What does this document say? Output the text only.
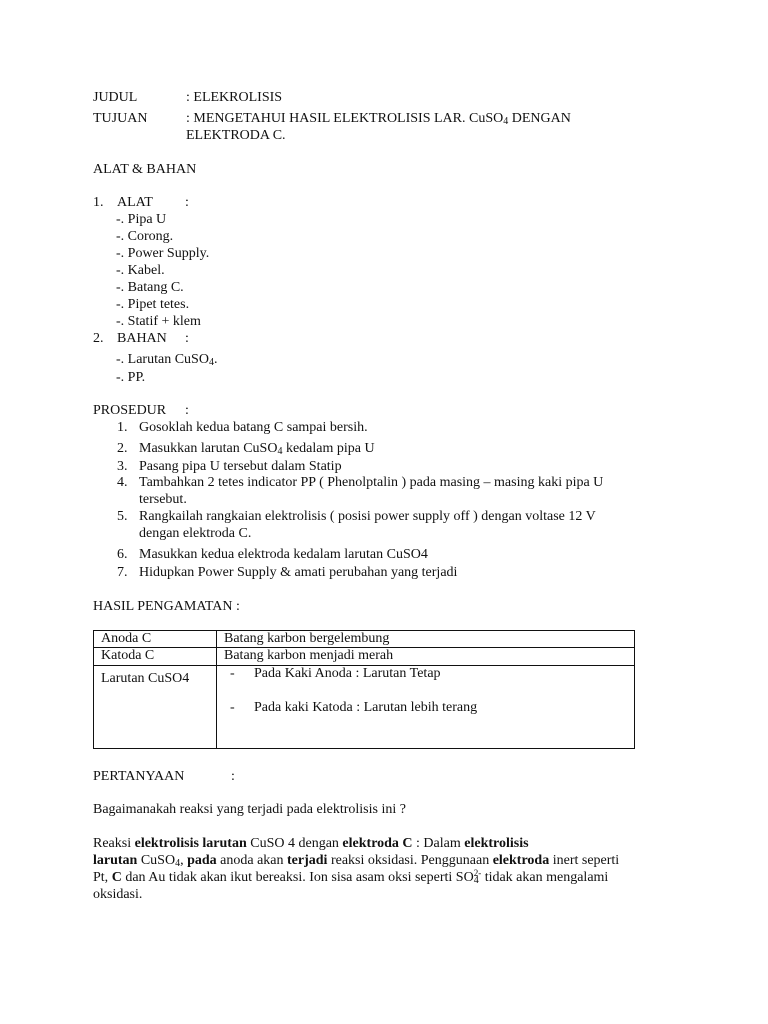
JUDUL	: ELEKROLISIS
TUJUAN	: MENGETAHUI HASIL ELEKTROLISIS LAR. CuSO$_4$ DENGAN
ELEKTRODA C.
ALAT & BAHAN
1. ALAT :
-. Pipa U
-. Corong.
-. Power Supply.
-. Kabel.
-. Batang C.
-. Pipet tetes.
-. Statif + klem
2. BAHAN :
-. Larutan CuSO$_4$.
-. PP.
PROSEDUR :
1. Gosoklah kedua batang C sampai bersih.
2. Masukkan larutan CuSO$_4$ kedalam pipa U
3. Pasang pipa U tersebut dalam Statip
4. Tambahkan 2 tetes indicator PP ( Phenolptalin ) pada masing – masing kaki pipa U
tersebut.
5. Rangkailah rangkaian elektrolisis ( posisi power supply off ) dengan voltase 12 V
dengan elektroda C.
6. Masukkan kedua elektroda kedalam larutan CuSO4
7. Hidupkan Power Supply & amati perubahan yang terjadi
HASIL PENGAMATAN :
Anoda C	Batang karbon bergelembung
Katoda C	Batang karbon menjadi merah
Larutan CuSO4	- Pada Kaki Anoda : Larutan Tetap
- Pada kaki Katoda : Larutan lebih terang
PERTANYAAN	:
Bagaimanakah reaksi yang terjadi pada elektrolisis ini ?
Reaksi elektrolisis larutan CuSO 4 dengan elektroda C : Dalam elektrolisis
larutan CuSO$_4$, pada anoda akan terjadi reaksi oksidasi. Penggunaan elektroda inert seperti
Pt, C dan Au tidak akan ikut bereaksi. Ion sisa asam oksi seperti $SO_4^{2-}$ tidak akan mengalami
oksidasi.
